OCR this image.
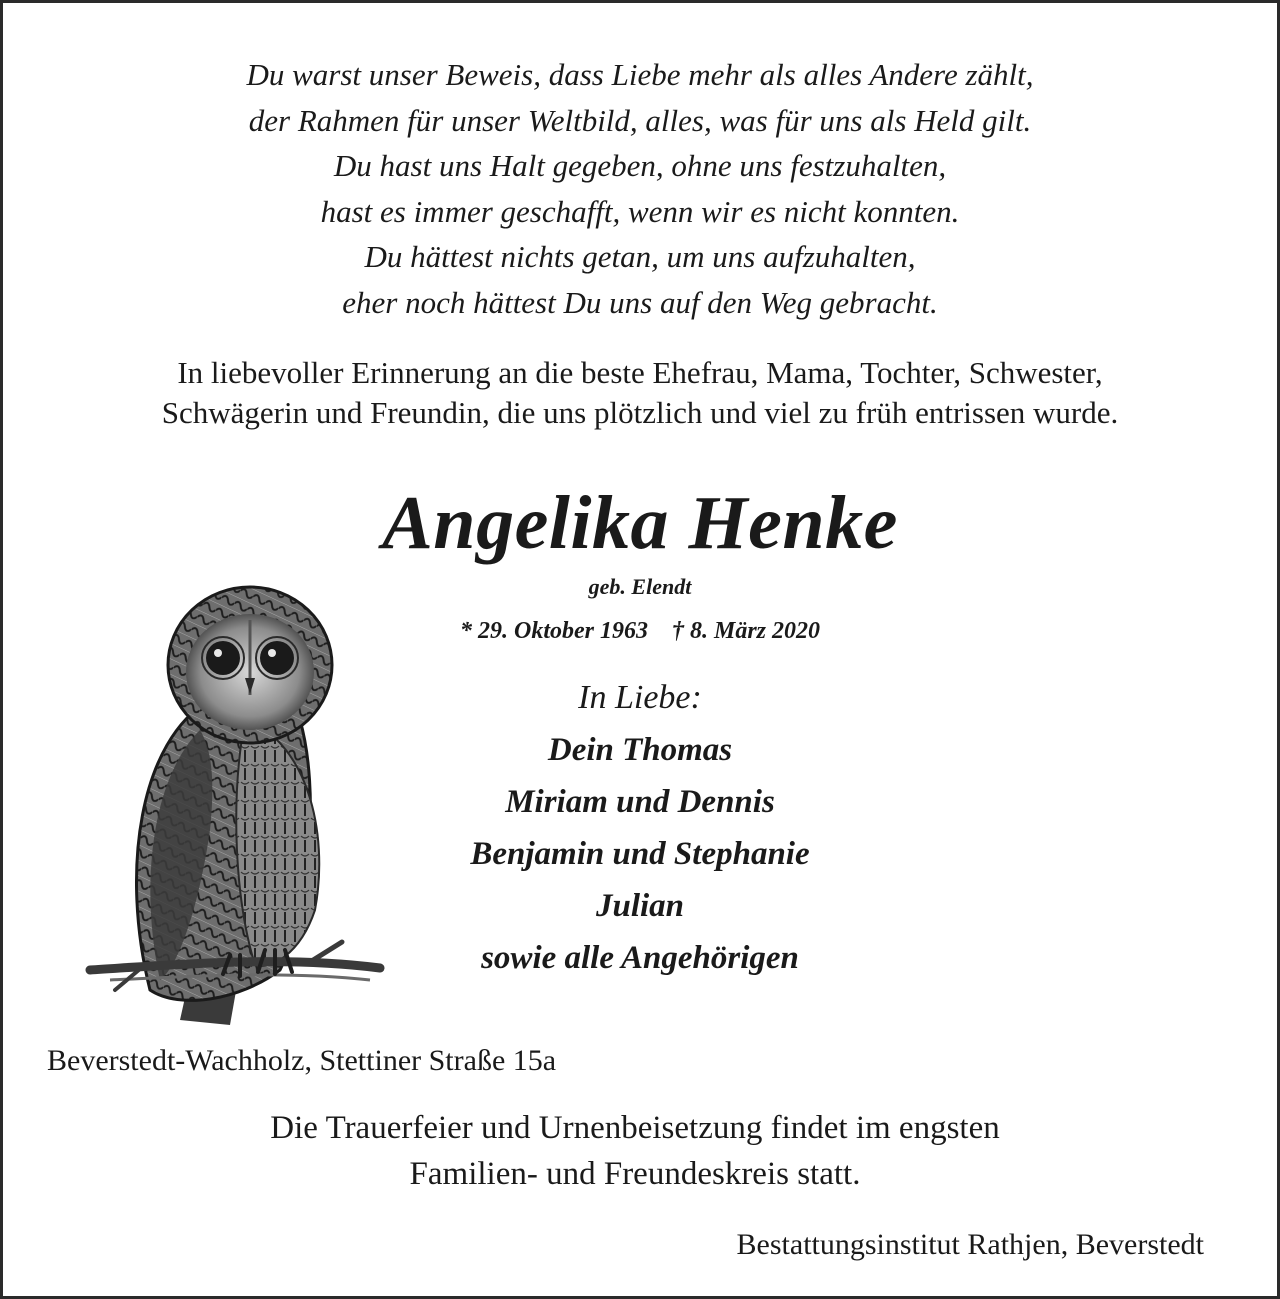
Du warst unser Beweis, dass Liebe mehr als alles Andere zählt,
der Rahmen für unser Weltbild, alles, was für uns als Held gilt.
Du hast uns Halt gegeben, ohne uns festzuhalten,
hast es immer geschafft, wenn wir es nicht konnten.
Du hättest nichts getan, um uns aufzuhalten,
eher noch hättest Du uns auf den Weg gebracht.
In liebevoller Erinnerung an die beste Ehefrau, Mama, Tochter, Schwester,
Schwägerin und Freundin, die uns plötzlich und viel zu früh entrissen wurde.
Angelika Henke
geb. Elendt
* 29. Oktober 1963 † 8. März 2020
In Liebe:
Dein Thomas
Miriam und Dennis
Benjamin und Stephanie
Julian
sowie alle Angehörigen
Beverstedt-Wachholz, Stettiner Straße 15a
Die Trauerfeier und Urnenbeisetzung findet im engsten
Familien- und Freundeskreis statt.
Bestattungsinstitut Rathjen, Beverstedt
